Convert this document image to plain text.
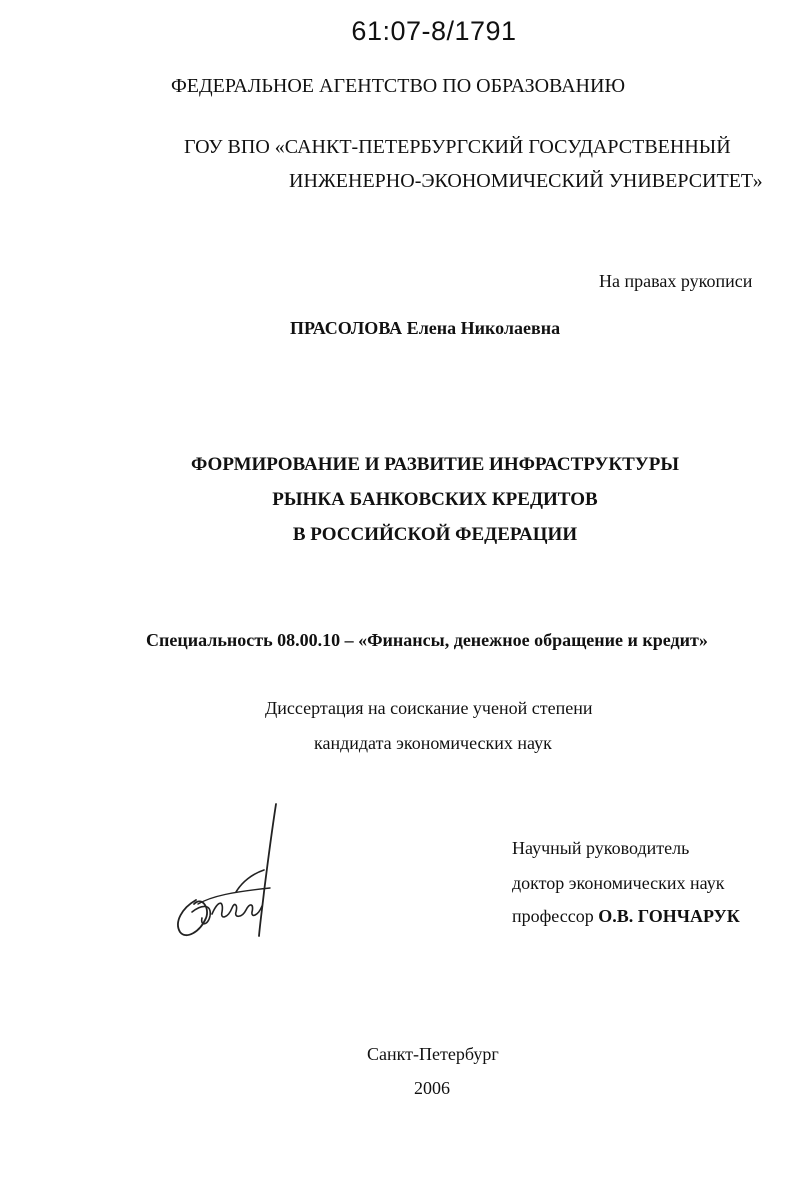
61:07-8/1791
ФЕДЕРАЛЬНОЕ АГЕНТСТВО ПО ОБРАЗОВАНИЮ
ГОУ ВПО «САНКТ-ПЕТЕРБУРГСКИЙ ГОСУДАРСТВЕННЫЙ
ИНЖЕНЕРНО-ЭКОНОМИЧЕСКИЙ УНИВЕРСИТЕТ»
На правах рукописи
ПРАСОЛОВА Елена Николаевна
ФОРМИРОВАНИЕ И РАЗВИТИЕ ИНФРАСТРУКТУРЫ
РЫНКА БАНКОВСКИХ КРЕДИТОВ
В РОССИЙСКОЙ ФЕДЕРАЦИИ
Специальность 08.00.10 – «Финансы, денежное обращение и кредит»
Диссертация на соискание ученой степени
кандидата экономических наук
Научный руководитель
доктор экономических наук
профессор О.В. ГОНЧАРУК
Санкт-Петербург
2006
